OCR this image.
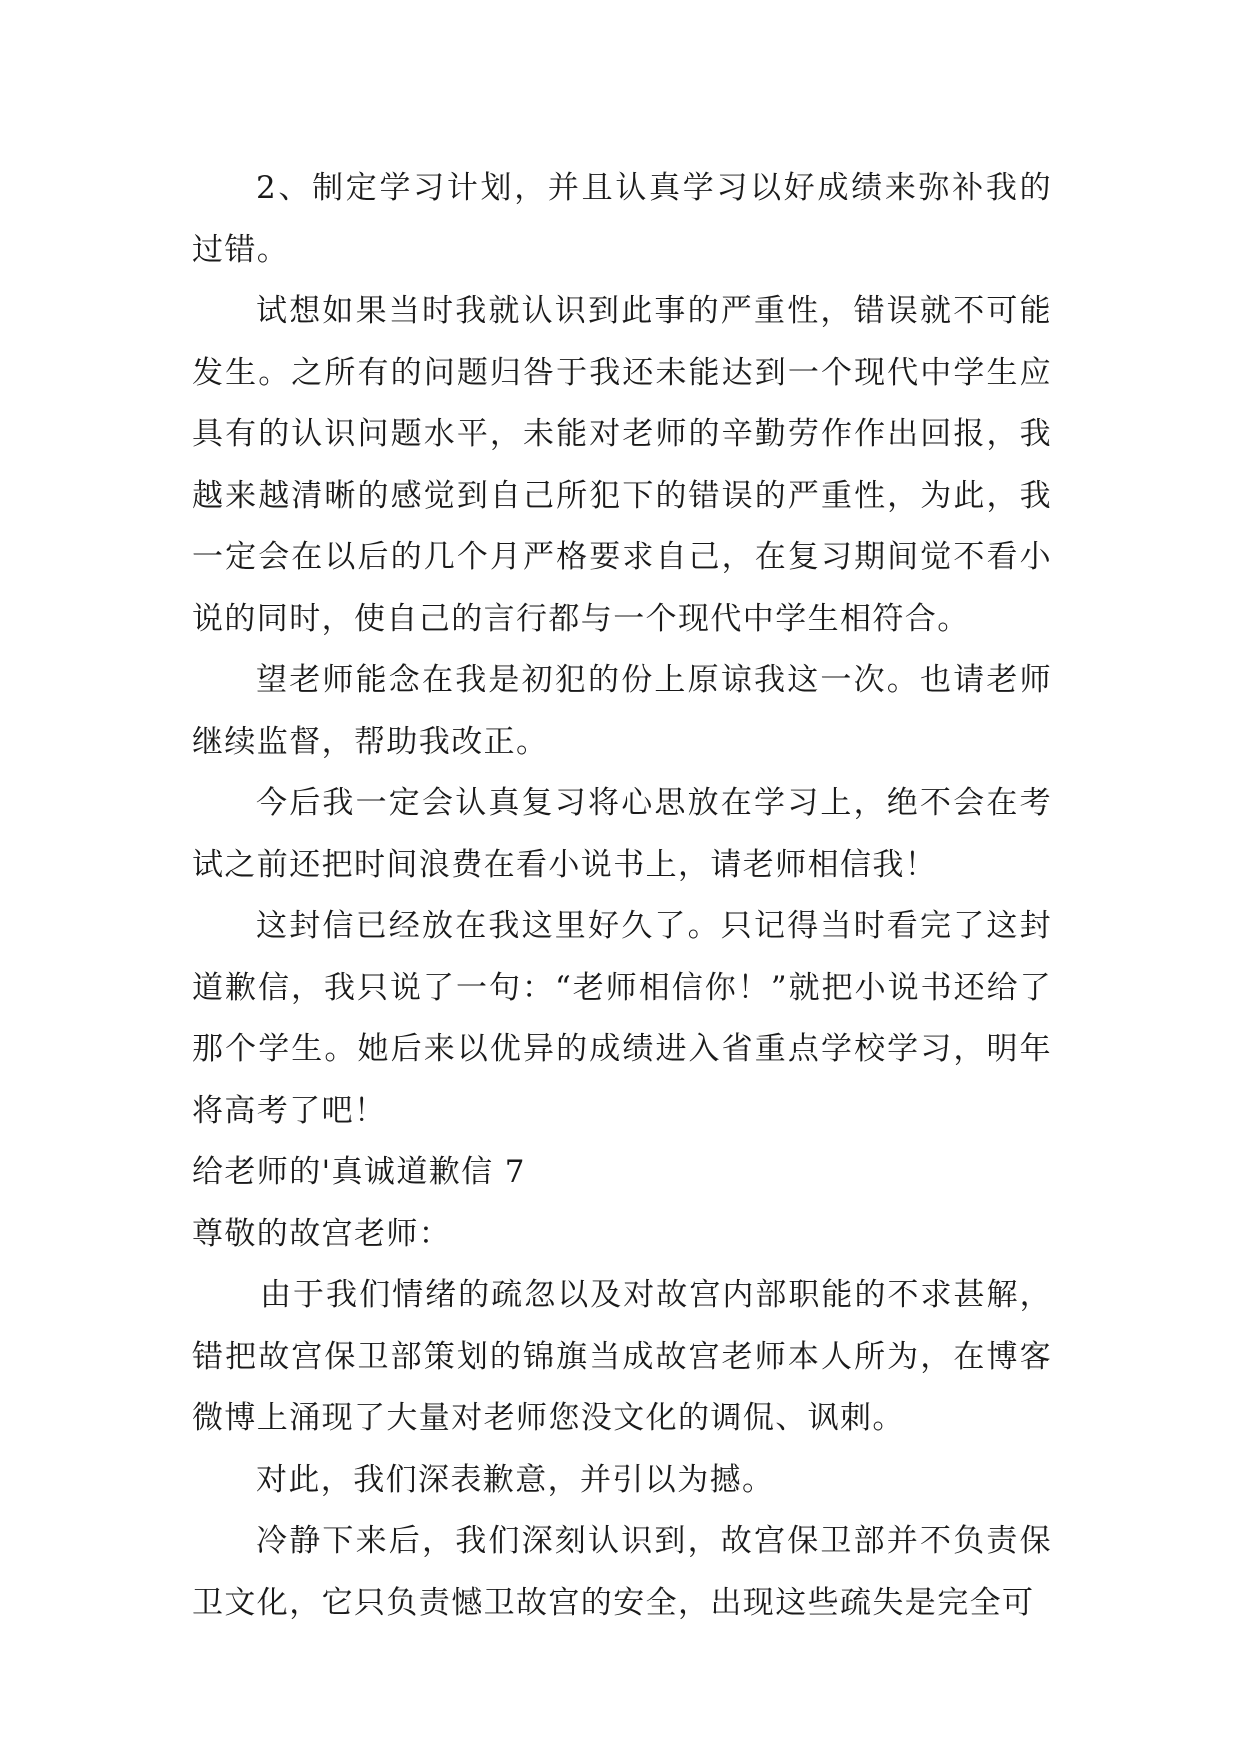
2、制定学习计划，并且认真学习以好成绩来弥补我的过错。

试想如果当时我就认识到此事的严重性，错误就不可能发生。之所有的问题归咎于我还未能达到一个现代中学生应具有的认识问题水平，未能对老师的辛勤劳作作出回报，我越来越清晰的感觉到自己所犯下的错误的严重性，为此，我一定会在以后的几个月严格要求自己，在复习期间觉不看小说的同时，使自己的言行都与一个现代中学生相符合。

望老师能念在我是初犯的份上原谅我这一次。也请老师继续监督，帮助我改正。

今后我一定会认真复习将心思放在学习上，绝不会在考试之前还把时间浪费在看小说书上，请老师相信我！

这封信已经放在我这里好久了。只记得当时看完了这封道歉信，我只说了一句：“老师相信你！”就把小说书还给了那个学生。她后来以优异的成绩进入省重点学校学习，明年将高考了吧！

给老师的'真诚道歉信 7

尊敬的故宫老师：

由于我们情绪的疏忽以及对故宫内部职能的不求甚解，错把故宫保卫部策划的锦旗当成故宫老师本人所为，在博客微博上涌现了大量对老师您没文化的调侃、讽刺。

对此，我们深表歉意，并引以为撼。

冷静下来后，我们深刻认识到，故宫保卫部并不负责保卫文化，它只负责憾卫故宫的安全，出现这些疏失是完全可
